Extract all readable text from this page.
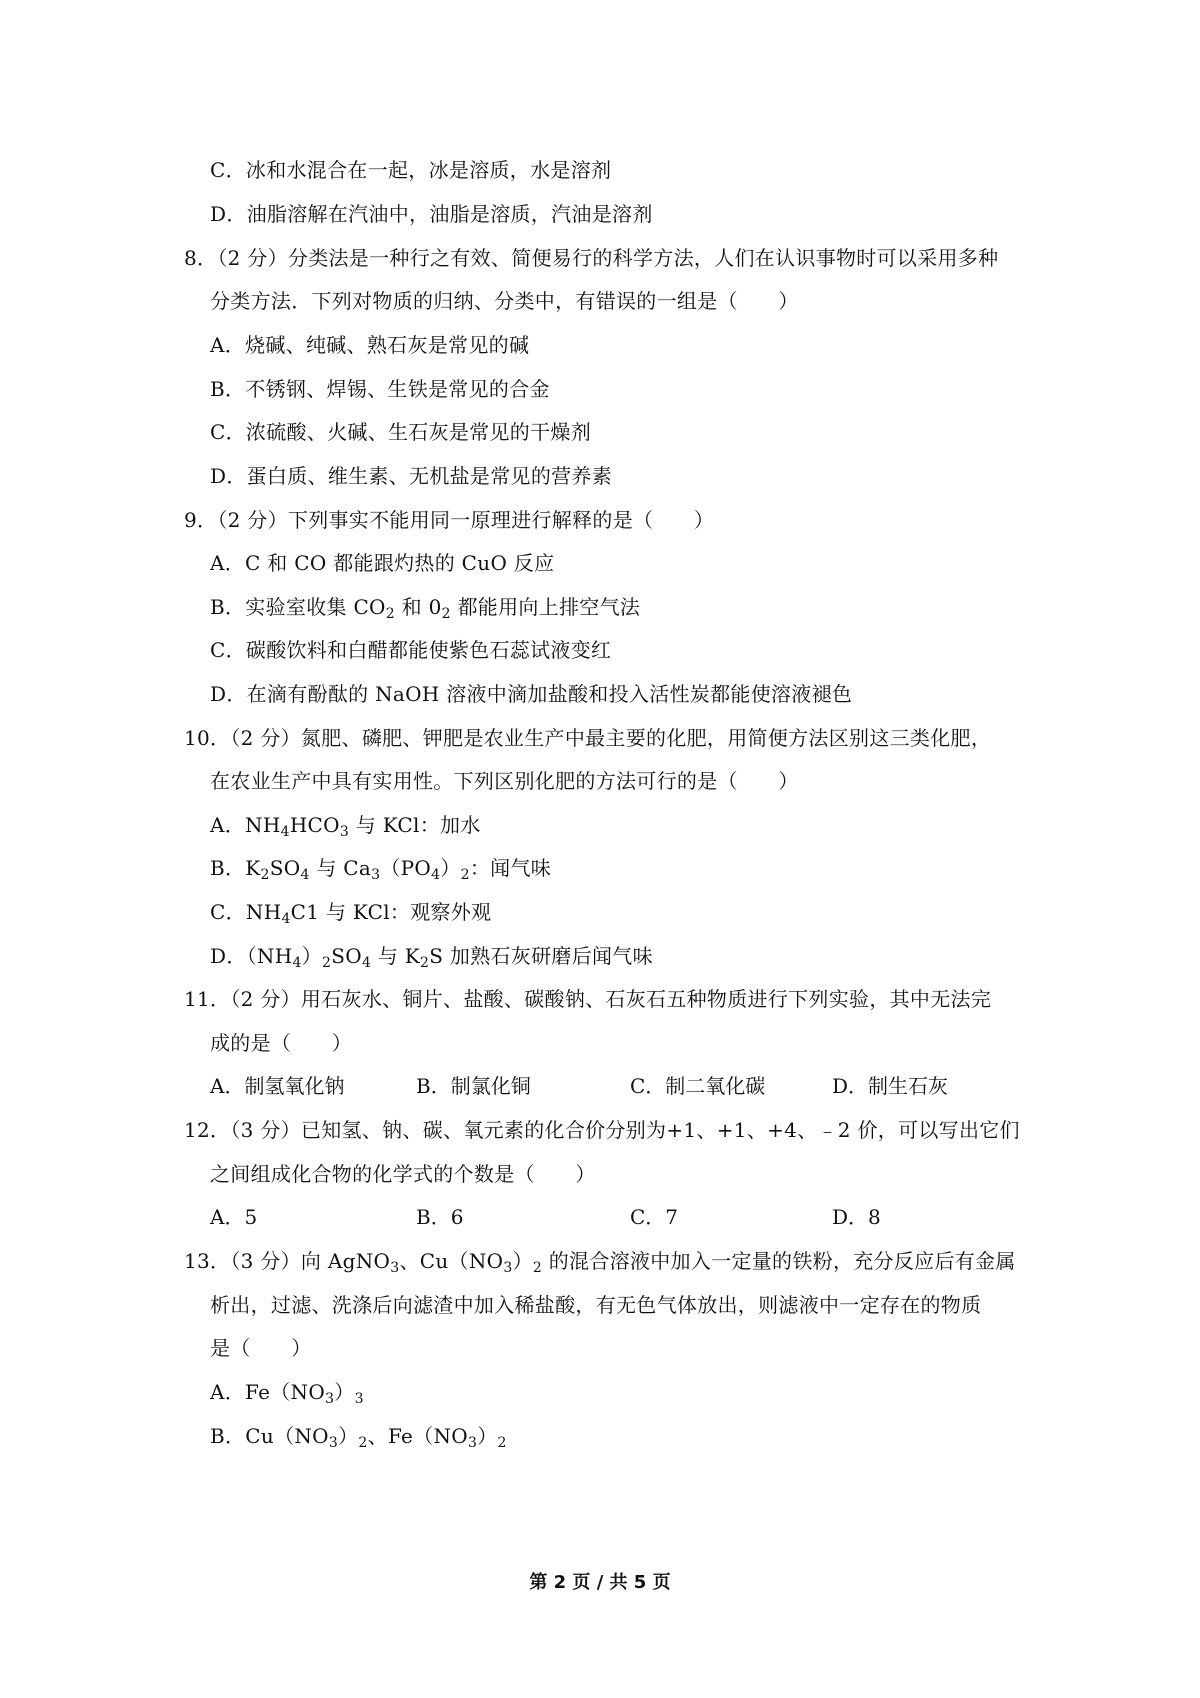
C．冰和水混合在一起，冰是溶质，水是溶剂
D．油脂溶解在汽油中，油脂是溶质，汽油是溶剂
8．（2 分）分类法是一种行之有效、简便易行的科学方法，人们在认识事物时可以采用多种
分类方法．下列对物质的归纳、分类中，有错误的一组是（　　）
A．烧碱、纯碱、熟石灰是常见的碱
B．不锈钢、焊锡、生铁是常见的合金
C．浓硫酸、火碱、生石灰是常见的干燥剂
D．蛋白质、维生素、无机盐是常见的营养素
9．（2 分）下列事实不能用同一原理进行解释的是（　　）
A．C 和 CO 都能跟灼热的 CuO 反应
B．实验室收集 $CO_2$ 和 $0_2$ 都能用向上排空气法
C．碳酸饮料和白醋都能使紫色石蕊试液变红
D．在滴有酚酞的 NaOH 溶液中滴加盐酸和投入活性炭都能使溶液褪色
10．（2 分）氮肥、磷肥、钾肥是农业生产中最主要的化肥，用简便方法区别这三类化肥，
在农业生产中具有实用性。下列区别化肥的方法可行的是（　　）
A．$NH_4HCO_3$ 与 KCl：加水
B．$K_2SO_4$ 与 $Ca_3(PO_4)_2$：闻气味
C．$NH_4C1$ 与 KCl：观察外观
D．$(NH_4)_2SO_4$ 与 $K_2S$ 加熟石灰研磨后闻气味
11．（2 分）用石灰水、铜片、盐酸、碳酸钠、石灰石五种物质进行下列实验，其中无法完
成的是（　　）
A．制氢氧化钠	B．制氯化铜	C．制二氧化碳	D．制生石灰
12．（3 分）已知氢、钠、碳、氧元素的化合价分别为+1、+1、+4、﹣2 价，可以写出它们
之间组成化合物的化学式的个数是（　　）
A．5	B．6	C．7	D．8
13．（3 分）向 AgNO$_3$、$Cu(NO_3)_2$ 的混合溶液中加入一定量的铁粉，充分反应后有金属
析出，过滤、洗涤后向滤渣中加入稀盐酸，有无色气体放出，则滤液中一定存在的物质
是（　　）
A．$Fe(NO_3)_3$
B．$Cu(NO_3)_2$、$Fe(NO_3)_2$
第 2 页 / 共 5 页
